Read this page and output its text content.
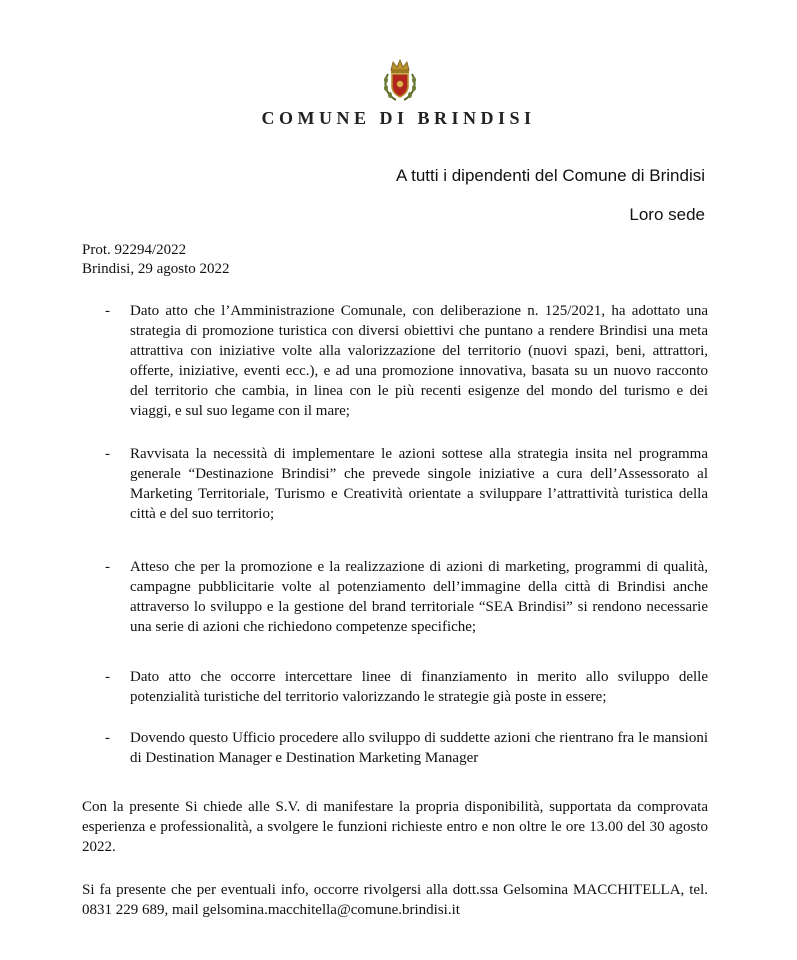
COMUNE DI BRINDISI
A tutti i dipendenti del Comune di Brindisi
Loro sede
Prot. 92294/2022
Brindisi, 29 agosto 2022
- Dato atto che l’Amministrazione Comunale, con deliberazione n. 125/2021, ha adottato una strategia di promozione turistica con diversi obiettivi che puntano a rendere Brindisi una meta attrattiva con iniziative volte alla valorizzazione del territorio (nuovi spazi, beni, attrattori, offerte, iniziative, eventi ecc.), e ad una promozione innovativa, basata su un nuovo racconto del territorio che cambia, in linea con le più recenti esigenze del mondo del turismo e dei viaggi, e sul suo legame con il mare;
- Ravvisata la necessità di implementare le azioni sottese alla strategia insita nel programma generale “Destinazione Brindisi” che prevede singole iniziative a cura dell’Assessorato al Marketing Territoriale, Turismo e Creatività orientate a sviluppare l’attrattività turistica della città e del suo territorio;
- Atteso che per la promozione e la realizzazione di azioni di marketing, programmi di qualità, campagne pubblicitarie volte al potenziamento dell’immagine della città di Brindisi anche attraverso lo sviluppo e la gestione del brand territoriale “SEA Brindisi” si rendono necessarie una serie di azioni che richiedono competenze specifiche;
- Dato atto che occorre intercettare linee di finanziamento in merito allo sviluppo delle potenzialità turistiche del territorio valorizzando le strategie già poste in essere;
- Dovendo questo Ufficio procedere allo sviluppo di suddette azioni che rientrano fra le mansioni di Destination Manager e Destination Marketing Manager
Con la presente Si chiede alle S.V. di manifestare la propria disponibilità, supportata da comprovata esperienza e professionalità, a svolgere le funzioni richieste entro e non oltre le ore 13.00 del 30 agosto 2022.
Si fa presente che per eventuali info, occorre rivolgersi alla dott.ssa Gelsomina MACCHITELLA, tel. 0831 229 689, mail gelsomina.macchitella@comune.brindisi.it
